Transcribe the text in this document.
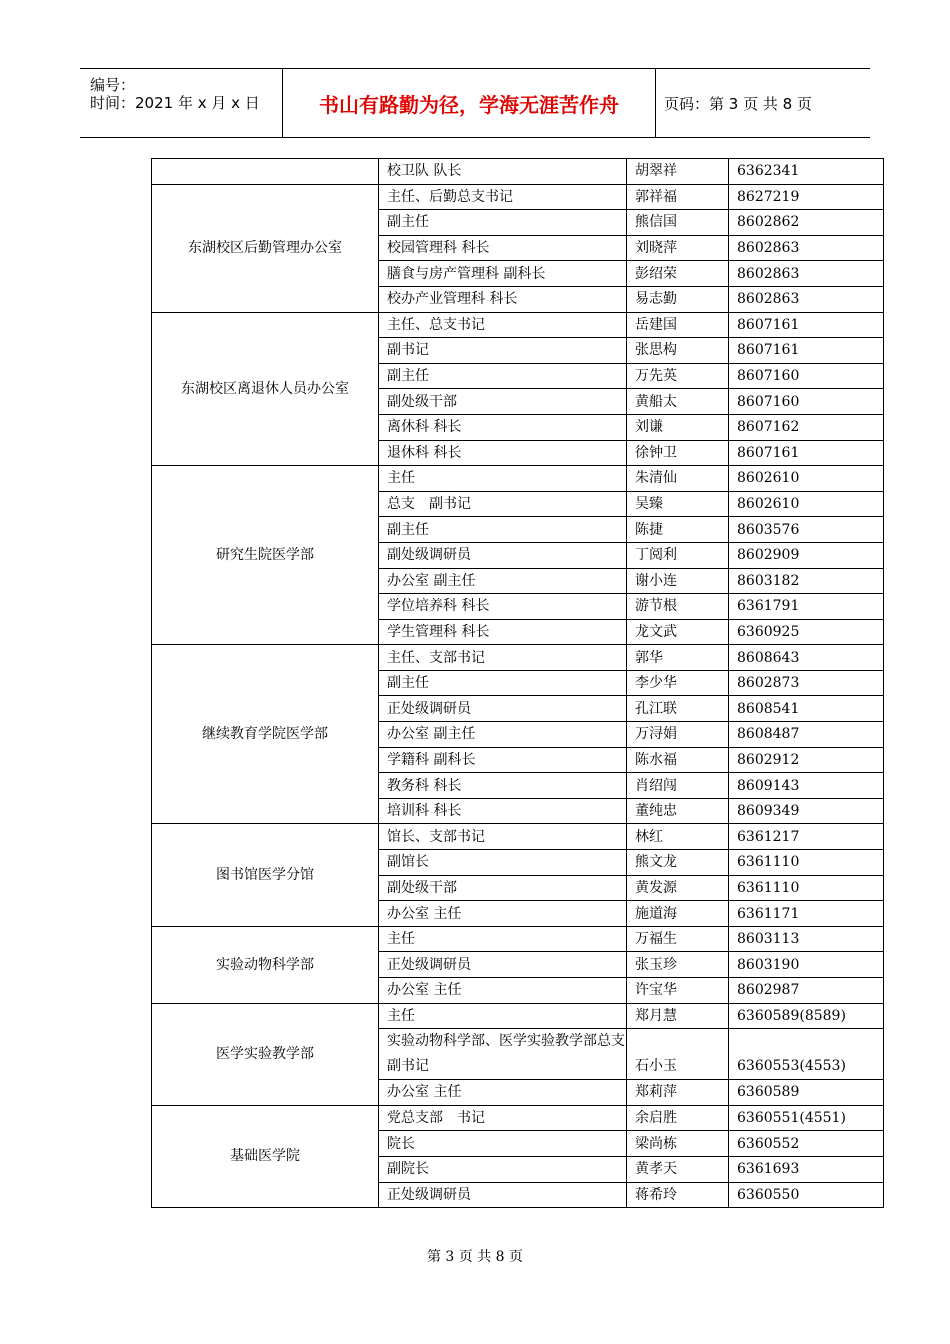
编号：
时间：2021 年 x 月 x 日	书山有路勤为径，学海无涯苦作舟	页码：第 3 页 共 8 页
	校卫队 队长	胡翠祥	6362341
东湖校区后勤管理办公室	主任、后勤总支书记	郭祥福	8627219
	副主任	熊信国	8602862
	校园管理科 科长	刘晓萍	8602863
	膳食与房产管理科 副科长	彭绍荣	8602863
	校办产业管理科 科长	易志勤	8602863
东湖校区离退休人员办公室	主任、总支书记	岳建国	8607161
	副书记	张思构	8607161
	副主任	万先英	8607160
	副处级干部	黄船太	8607160
	离休科 科长	刘谦	8607162
	退休科 科长	徐钟卫	8607161
研究生院医学部	主任	朱清仙	8602610
	总支　副书记	吴臻	8602610
	副主任	陈捷	8603576
	副处级调研员	丁阅利	8602909
	办公室 副主任	谢小连	8603182
	学位培养科 科长	游节根	6361791
	学生管理科 科长	龙文武	6360925
继续教育学院医学部	主任、支部书记	郭华	8608643
	副主任	李少华	8602873
	正处级调研员	孔江联	8608541
	办公室 副主任	万浔娟	8608487
	学籍科 副科长	陈水福	8602912
	教务科 科长	肖绍闯	8609143
	培训科 科长	董纯忠	8609349
图书馆医学分馆	馆长、支部书记	林红	6361217
	副馆长	熊文龙	6361110
	副处级干部	黄发源	6361110
	办公室 主任	施道海	6361171
实验动物科学部	主任	万福生	8603113
	正处级调研员	张玉珍	8603190
	办公室 主任	许宝华	8602987
医学实验教学部	主任	郑月慧	6360589(8589)
	实验动物科学部、医学实验教学部总支　副书记	石小玉	6360553(4553)
	办公室 主任	郑莉萍	6360589
基础医学院	党总支部　书记	余启胜	6360551(4551)
	院长	梁尚栋	6360552
	副院长	黄孝天	6361693
	正处级调研员	蒋希玲	6360550
第 3 页 共 8 页
